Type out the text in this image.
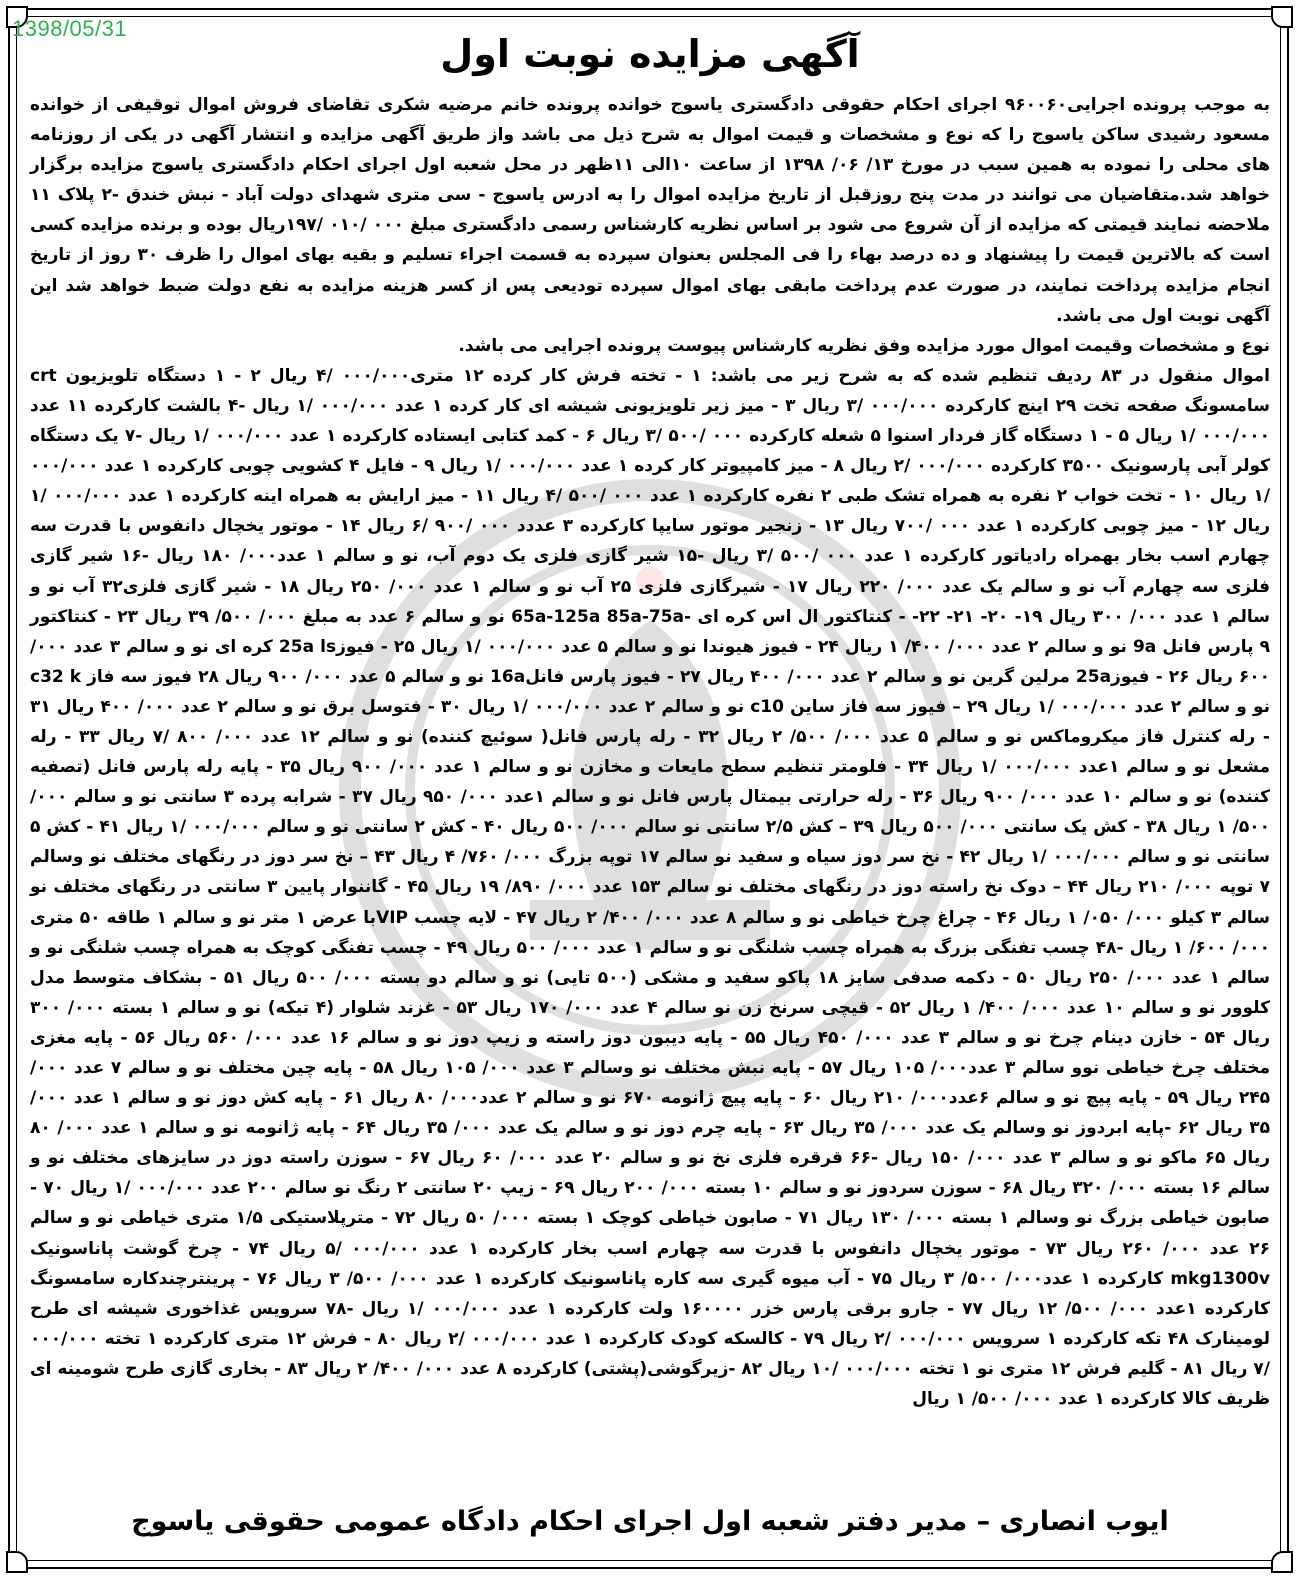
1398/05/31
آگهی مزایده نوبت اول

به موجب پرونده اجرایی۹۶۰۰۶۰ اجرای احکام حقوقی دادگستری یاسوج خوانده پرونده خانم مرضیه شکری تقاضای فروش اموال توقیفی از خوانده مسعود رشیدی ساکن یاسوج را که نوع و مشخصات و قیمت اموال به شرح ذیل می باشد واز طریق آگهی مزایده و انتشار آگهی در یکی از روزنامه های محلی را نموده به همین سبب در مورخ ۱۳/ ۰۶/ ۱۳۹۸ از ساعت ۱۰الی ۱۱ظهر در محل شعبه اول اجرای احکام دادگستری یاسوج مزایده برگزار خواهد شد.متقاضیان می توانند در مدت پنج روزقبل از تاریخ مزایده اموال را به ادرس یاسوج - سی متری شهدای دولت آباد - نبش خندق -۲ پلاک ۱۱ ملاحضه نمایند قیمتی که مزایده از آن شروع می شود بر اساس نظریه کارشناس رسمی دادگستری مبلغ ۰۰۰ /۰۱۰ /۱۹۷ریال بوده و برنده مزایده کسی است که بالاترین قیمت را پیشنهاد و ده درصد بهاء را فی المجلس بعنوان سپرده به قسمت اجراء تسلیم و بقیه بهای اموال را ظرف ۳۰ روز از تاریخ انجام مزایده پرداخت نمایند، در صورت عدم پرداخت مابقی بهای اموال سپرده تودیعی پس از کسر هزینه مزایده به نفع دولت ضبط خواهد شد این آگهی نوبت اول می باشد.

نوع و مشخصات وقیمت اموال مورد مزایده وفق نظریه کارشناس پیوست پرونده اجرایی می باشد.

اموال منقول در ۸۳ ردیف تنظیم شده که به شرح زیر می باشد: ۱ - تخته فرش کار کرده ۱۲ متری۰۰۰/۰۰۰ /۴ ریال ۲ - ۱ دستگاه تلویزیون crt سامسونگ صفحه تخت ۲۹ اینچ کارکرده ۰۰۰/۰۰۰ /۳ ریال ۳ - میز زیر تلویزیونی شیشه ای کار کرده ۱ عدد ۰۰۰/۰۰۰ /۱ ریال -۴ بالشت کارکرده ۱۱ عدد ۰۰۰/۰۰۰ /۱ ریال ۵ - ۱ دستگاه گاز فردار اسنوا ۵ شعله کارکرده ۰۰۰ /۵۰۰ /۳ ریال ۶ - کمد کتابی ایستاده کارکرده ۱ عدد ۰۰۰/۰۰۰ /۱ ریال -۷ یک دستگاه کولر آبی پارسونیک ۳۵۰۰ کارکرده ۰۰۰/۰۰۰ /۲ ریال ۸ - میز کامپیوتر کار کرده ۱ عدد ۰۰۰/۰۰۰ /۱ ریال ۹ - فایل ۴ کشویی چوبی کارکرده ۱ عدد ۰۰۰/۰۰۰ /۱ ریال ۱۰ - تخت خواب ۲ نفره به همراه تشک طبی ۲ نفره کارکرده ۱ عدد ۰۰۰ /۵۰۰ /۴ ریال ۱۱ - میز ارایش به همراه اینه کارکرده ۱ عدد ۰۰۰/۰۰۰ /۱ ریال ۱۲ - میز چوبی کارکرده ۱ عدد ۰۰۰ /۷۰۰ ریال ۱۳ - زنجیر موتور سایپا کارکرده ۳ عددد ۰۰۰ /۹۰۰ /۶ ریال ۱۴ - موتور یخچال دانفوس با قدرت سه چهارم اسب بخار بهمراه رادیاتور کارکرده ۱ عدد ۰۰۰ /۵۰۰ /۳ ریال -۱۵ شیر گازی فلزی یک دوم آب، نو و سالم ۱ عدد۰۰۰/ ۱۸۰ ریال -۱۶ شیر گازی فلزی سه چهارم آب نو و سالم یک عدد ۰۰۰/ ۲۲۰ ریال ۱۷ - شیرگازی فلزی ۲۵ آب نو و سالم ۱ عدد ۰۰۰/ ۲۵۰ ریال ۱۸ - شیر گازی فلزی۳۲ آب نو و سالم ۱ عدد ۰۰۰/ ۳۰۰ ریال ۱۹- ۲۰- ۲۱- ۲۲- - کنتاکتور ال اس کره ای -65a-125a 85a-75a نو و سالم ۶ عدد به مبلغ ۰۰۰/ ۵۰۰/ ۳۹ ریال ۲۳ - کنتاکتور ۹ پارس فانل 9a نو و سالم ۲ عدد ۰۰۰/ ۴۰۰/ ۱ ریال ۲۴ - فیوز هیوندا نو و سالم ۵ عدد ۰۰۰/۰۰۰ /۱ ریال ۲۵ - فیوز25a ls کره ای نو و سالم ۳ عدد ۰۰۰/ ۶۰۰ ریال ۲۶ - فیوز25a مرلین گرین نو و سالم ۲ عدد ۰۰۰/ ۴۰۰ ریال ۲۷ - فیوز پارس فانل16a نو و سالم ۵ عدد ۰۰۰/ ۹۰۰ ریال ۲۸ فیوز سه فاز c32 k نو و سالم ۲ عدد ۰۰۰/۰۰۰ /۱ ریال ۲۹ – فیوز سه فاز ساین c10 نو و سالم ۲ عدد ۰۰۰/۰۰۰ /۱ ریال ۳۰ - فتوسل برق نو و سالم ۲ عدد ۰۰۰/ ۴۰۰ ریال ۳۱ - رله کنترل فاز میکروماکس نو و سالم ۵ عدد ۰۰۰/ ۵۰۰/ ۲ ریال ۳۲ - رله پارس فانل( سوئیچ کننده) نو و سالم ۱۲ عدد ۰۰۰/ ۸۰۰ /۷ ریال ۳۳ - رله مشعل نو و سالم ۱عدد ۰۰۰/۰۰۰ /۱ ریال ۳۴ - فلومتر تنظیم سطح مایعات و مخازن نو و سالم ۱ عدد ۰۰۰/ ۹۰۰ ریال ۳۵ - پایه رله پارس فانل (تصفیه کننده) نو و سالم ۱۰ عدد ۰۰۰/ ۹۰۰ ریال ۳۶ - رله حرارتی بیمتال پارس فانل نو و سالم ۱عدد ۰۰۰/ ۹۵۰ ریال ۳۷ - شرابه پرده ۳ سانتی نو و سالم ۰۰۰/ ۵۰۰/ ۱ ریال ۳۸ - کش یک سانتی ۰۰۰/ ۵۰۰ ریال ۳۹ – کش ۲/۵ سانتی نو سالم ۰۰۰/ ۵۰۰ ریال ۴۰ - کش ۲ سانتی نو و سالم ۰۰۰/۰۰۰ /۱ ریال ۴۱ - کش ۵ سانتی نو و سالم ۰۰۰/۰۰۰ /۱ ریال ۴۲ - نخ سر دوز سیاه و سفید نو سالم ۱۷ توپه بزرگ ۰۰۰/ ۷۶۰/ ۴ ریال ۴۳ – نخ سر دوز در رنگهای مختلف نو وسالم ۷ توپه ۰۰۰/ ۲۱۰ ریال ۴۴ – دوک نخ راسته دوز در رنگهای مختلف نو سالم ۱۵۳ عدد ۰۰۰/ ۸۹۰/ ۱۹ ریال ۴۵ - گاننوار پایین ۳ سانتی در رنگهای مختلف نو سالم ۳ کیلو ۰۰۰/ ۰۵۰/ ۱ ریال ۴۶ - چراغ چرخ خیاطی نو و سالم ۸ عدد ۰۰۰/ ۴۰۰/ ۲ ریال ۴۷ - لایه چسب VIPبا عرض ۱ متر نو و سالم ۱ طاقه ۵۰ متری ۰۰۰/ ۶۰۰/ ۱ ریال -۴۸ چسب تفنگی بزرگ به همراه چسب شلنگی نو و سالم ۱ عدد ۰۰۰/ ۵۰۰ ریال ۴۹ - چسب تفنگی کوچک به همراه چسب شلنگی نو و سالم ۱ عدد ۰۰۰/ ۲۵۰ ریال ۵۰ - دکمه صدفی سایز ۱۸ پاکو سفید و مشکی (۵۰۰ تایی) نو و سالم دو بسته ۰۰۰/ ۵۰۰ ریال ۵۱ - بشکاف متوسط مدل کلوور نو و سالم ۱۰ عدد ۰۰۰/ ۴۰۰/ ۱ ریال ۵۲ - قیچی سرنخ زن نو سالم ۴ عدد ۰۰۰/ ۱۷۰ ریال ۵۳ - غزند شلوار (۴ تیکه) نو و سالم ۱ بسته ۰۰۰/ ۳۰۰ ریال ۵۴ - خازن دینام چرخ نو و سالم ۳ عدد ۰۰۰/ ۴۵۰ ریال ۵۵ - پایه دیبون دوز راسته و زیپ دوز نو و سالم ۱۶ عدد ۰۰۰/ ۵۶۰ ریال ۵۶ - پایه مغزی مختلف چرخ خیاطی نوو سالم ۳ عدد۰۰۰/ ۱۰۵ ریال ۵۷ - پایه نبش مختلف نو وسالم ۳ عدد ۰۰۰/ ۱۰۵ ریال ۵۸ - پایه چین مختلف نو و سالم ۷ عدد ۰۰۰/ ۲۴۵ ریال ۵۹ - پایه پیچ نو و سالم ۶عدد۰۰۰/ ۲۱۰ ریال ۶۰ - پایه پیچ ژانومه ۶۷۰ نو و سالم ۲ عدد۰۰۰/ ۸۰ ریال ۶۱ - پایه کش دوز نو و سالم ۱ عدد ۰۰۰/ ۳۵ ریال ۶۲ -پایه ابردوز نو وسالم یک عدد ۰۰۰/ ۳۵ ریال ۶۳ - پایه چرم دوز نو و سالم یک عدد ۰۰۰/ ۳۵ ریال ۶۴ - پایه ژانومه نو و سالم ۱ عدد ۰۰۰/ ۸۰ ریال ۶۵ ماکو نو و سالم ۳ عدد ۰۰۰/ ۱۵۰ ریال -۶۶ قرقره فلزی نخ نو و سالم ۲۰ عدد ۰۰۰/ ۶۰ ریال ۶۷ - سوزن راسته دوز در سایزهای مختلف نو و سالم ۱۶ بسته ۰۰۰/ ۳۲۰ ریال ۶۸ - سوزن سردوز نو و سالم ۱۰ بسته ۰۰۰/ ۲۰۰ ریال ۶۹ - زیپ ۲۰ سانتی ۲ رنگ نو سالم ۲۰۰ عدد ۰۰۰/۰۰۰ /۱ ریال ۷۰ - صابون خیاطی بزرگ نو وسالم ۱ بسته ۰۰۰/ ۱۳۰ ریال ۷۱ - صابون خیاطی کوچک ۱ بسته ۰۰۰/ ۵۰ ریال ۷۲ - مترپلاستیکی ۱/۵ متری خیاطی نو و سالم ۲۶ عدد ۰۰۰/ ۲۶۰ ریال ۷۳ - موتور یخچال دانفوس با قدرت سه چهارم اسب بخار کارکرده ۱ عدد ۰۰۰/۰۰۰ /۵ ریال ۷۴ - چرخ گوشت پاناسونیک mkg1300v کارکرده ۱ عدد۰۰۰/ ۵۰۰/ ۳ ریال ۷۵ - آب میوه گیری سه کاره پاناسونیک کارکرده ۱ عدد ۰۰۰/ ۵۰۰/ ۳ ریال ۷۶ - پرینترچندکاره سامسونگ کارکرده ۱عدد ۰۰۰/ ۵۰۰/ ۱۲ ریال ۷۷ - جارو برقی پارس خزر ۱۶۰۰۰۰ ولت کارکرده ۱ عدد ۰۰۰/۰۰۰ /۱ ریال -۷۸ سرویس غذاخوری شیشه ای طرح لومینارک ۴۸ تکه کارکرده ۱ سرویس ۰۰۰/۰۰۰ /۲ ریال ۷۹ - کالسکه کودک کارکرده ۱ عدد ۰۰۰/۰۰۰ /۲ ریال ۸۰ - فرش ۱۲ متری کارکرده ۱ تخته ۰۰۰/۰۰۰ /۷ ریال ۸۱ - گلیم فرش ۱۲ متری نو ۱ تخته ۰۰۰/۰۰۰ /۱۰ ریال ۸۲ -زیرگوشی(پشتی) کارکرده ۸ عدد ۰۰۰/ ۴۰۰/ ۲ ریال ۸۳ - بخاری گازی طرح شومینه ای ظریف کالا کارکرده ۱ عدد ۰۰۰/ ۵۰۰/ ۱ ریال

ایوب انصاری – مدیر دفتر شعبه اول اجرای احکام دادگاه عمومی حقوقی یاسوج
